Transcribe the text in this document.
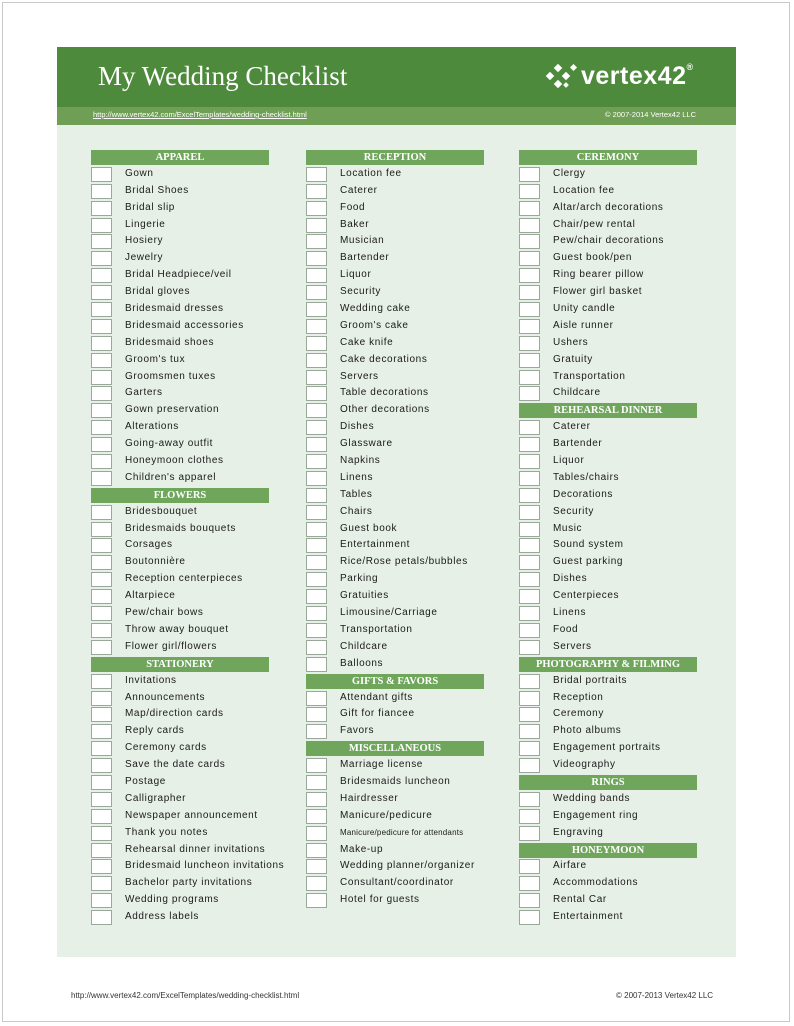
My Wedding Checklist	vertex42®
http://www.vertex42.com/ExcelTemplates/wedding-checklist.html	© 2007-2014 Vertex42 LLC
APPAREL
Gown
Bridal Shoes
Bridal slip
Lingerie
Hosiery
Jewelry
Bridal Headpiece/veil
Bridal gloves
Bridesmaid dresses
Bridesmaid accessories
Bridesmaid shoes
Groom's tux
Groomsmen tuxes
Garters
Gown preservation
Alterations
Going-away outfit
Honeymoon clothes
Children's apparel
FLOWERS
Bridesbouquet
Bridesmaids bouquets
Corsages
Boutonnière
Reception centerpieces
Altarpiece
Pew/chair bows
Throw away bouquet
Flower girl/flowers
STATIONERY
Invitations
Announcements
Map/direction cards
Reply cards
Ceremony cards
Save the date cards
Postage
Calligrapher
Newspaper announcement
Thank you notes
Rehearsal dinner invitations
Bridesmaid luncheon invitations
Bachelor party invitations
Wedding programs
Address labels
RECEPTION
Location fee
Caterer
Food
Baker
Musician
Bartender
Liquor
Security
Wedding cake
Groom's cake
Cake knife
Cake decorations
Servers
Table decorations
Other decorations
Dishes
Glassware
Napkins
Linens
Tables
Chairs
Guest book
Entertainment
Rice/Rose petals/bubbles
Parking
Gratuities
Limousine/Carriage
Transportation
Childcare
Balloons
GIFTS & FAVORS
Attendant gifts
Gift for fiancee
Favors
MISCELLANEOUS
Marriage license
Bridesmaids luncheon
Hairdresser
Manicure/pedicure
Manicure/pedicure for attendants
Make-up
Wedding planner/organizer
Consultant/coordinator
Hotel for guests
CEREMONY
Clergy
Location fee
Altar/arch decorations
Chair/pew rental
Pew/chair decorations
Guest book/pen
Ring bearer pillow
Flower girl basket
Unity candle
Aisle runner
Ushers
Gratuity
Transportation
Childcare
REHEARSAL DINNER
Caterer
Bartender
Liquor
Tables/chairs
Decorations
Security
Music
Sound system
Guest parking
Dishes
Centerpieces
Linens
Food
Servers
PHOTOGRAPHY & FILMING
Bridal portraits
Reception
Ceremony
Photo albums
Engagement portraits
Videography
RINGS
Wedding bands
Engagement ring
Engraving
HONEYMOON
Airfare
Accommodations
Rental Car
Entertainment
http://www.vertex42.com/ExcelTemplates/wedding-checklist.html	© 2007-2013 Vertex42 LLC
